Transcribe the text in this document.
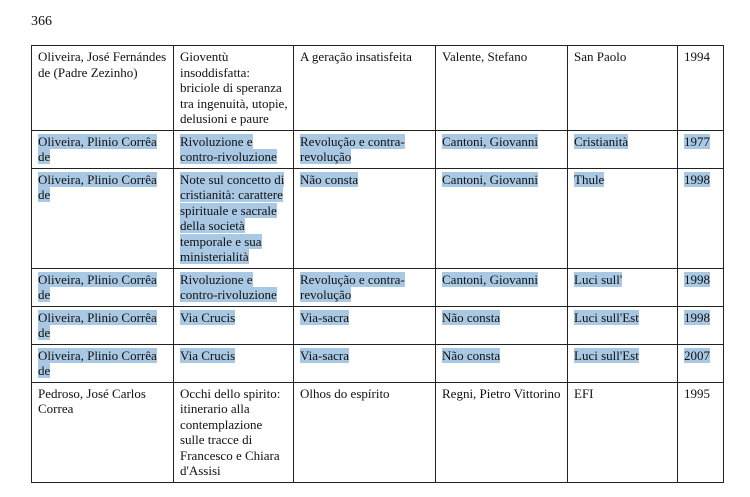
366
Oliveira, José Fernándes de (Padre Zezinho)	Gioventù insoddisfatta: briciole di speranza tra ingenuità, utopie, delusioni e paure	A geração insatisfeita	Valente, Stefano	San Paolo	1994
Oliveira, Plinio Corrêa de	Rivoluzione e contro-rivoluzione	Revolução e contra-revolução	Cantoni, Giovanni	Cristianità	1977
Oliveira, Plinio Corrêa de	Note sul concetto di cristianità: carattere spirituale e sacrale della società temporale e sua ministerialità	Não consta	Cantoni, Giovanni	Thule	1998
Oliveira, Plinio Corrêa de	Rivoluzione e contro-rivoluzione	Revolução e contra-revolução	Cantoni, Giovanni	Luci sull'	1998
Oliveira, Plinio Corrêa de	Via Crucis	Via-sacra	Não consta	Luci sull'Est	1998
Oliveira, Plinio Corrêa de	Via Crucis	Via-sacra	Não consta	Luci sull'Est	2007
Pedroso, José Carlos Correa	Occhi dello spirito: itinerario alla contemplazione sulle tracce di Francesco e Chiara d'Assisi	Olhos do espírito	Regni, Pietro Vittorino	EFI	1995
